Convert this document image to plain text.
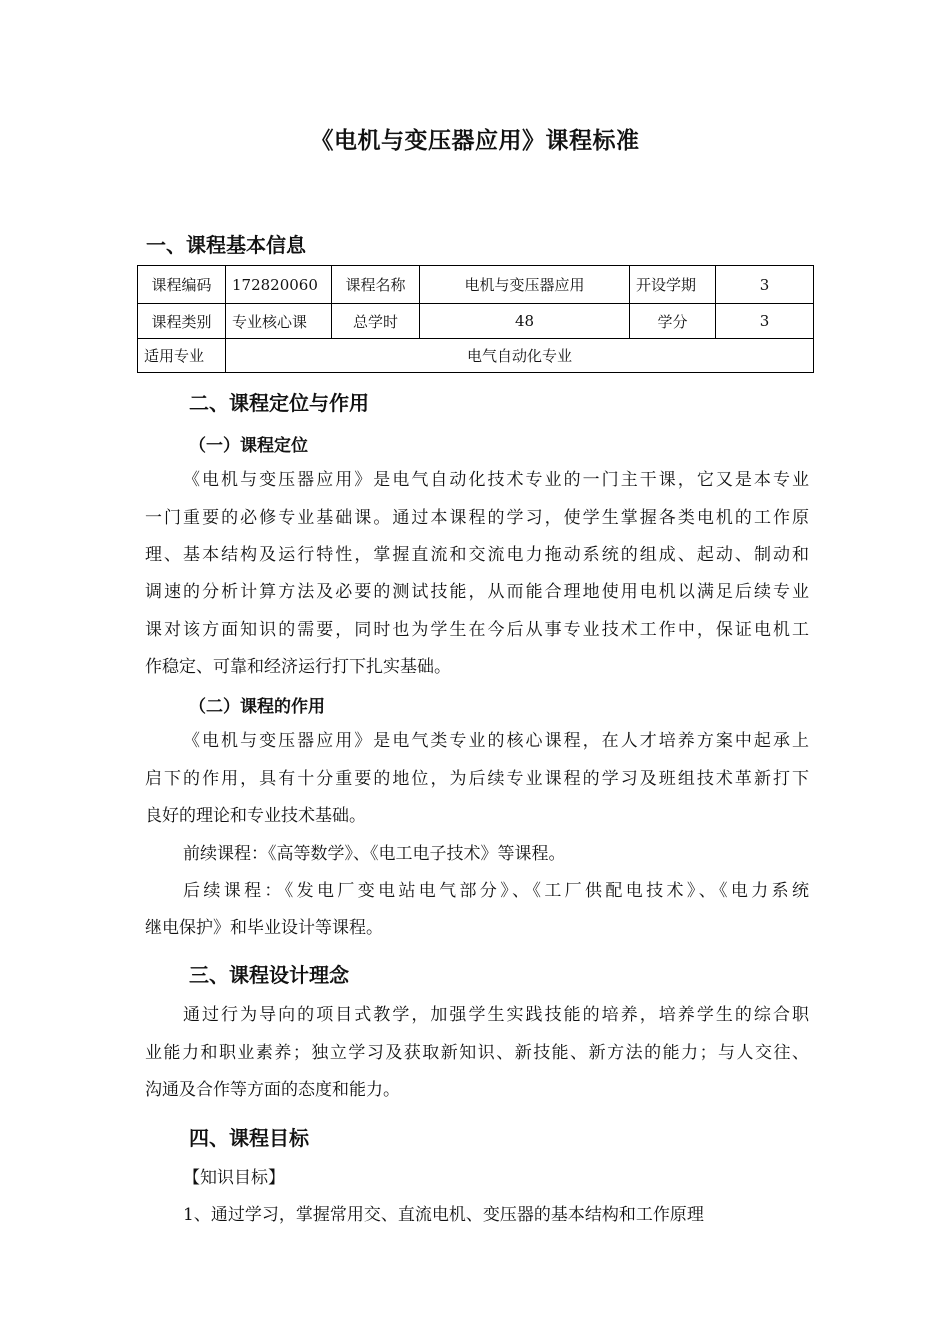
《电机与变压器应用》课程标准
一、课程基本信息
课程编码	172820060	课程名称	电机与变压器应用	开设学期	3
课程类别	专业核心课	总学时	48	学分	3
适用专业	电气自动化专业				
二、课程定位与作用
（一）课程定位
《电机与变压器应用》是电气自动化技术专业的一门主干课，它又是本专业
一门重要的必修专业基础课。通过本课程的学习，使学生掌握各类电机的工作原
理、基本结构及运行特性，掌握直流和交流电力拖动系统的组成、起动、制动和
调速的分析计算方法及必要的测试技能，从而能合理地使用电机以满足后续专业
课对该方面知识的需要，同时也为学生在今后从事专业技术工作中，保证电机工
作稳定、可靠和经济运行打下扎实基础。
（二）课程的作用
《电机与变压器应用》是电气类专业的核心课程，在人才培养方案中起承上
启下的作用，具有十分重要的地位，为后续专业课程的学习及班组技术革新打下
良好的理论和专业技术基础。
前续课程：《高等数学》、《电工电子技术》等课程。
后续课程：《发电厂变电站电气部分》、《工厂供配电技术》、《电力系统
继电保护》和毕业设计等课程。
三、课程设计理念
通过行为导向的项目式教学，加强学生实践技能的培养，培养学生的综合职
业能力和职业素养；独立学习及获取新知识、新技能、新方法的能力；与人交往、
沟通及合作等方面的态度和能力。
四、课程目标
【知识目标】
1、通过学习，掌握常用交、直流电机、变压器的基本结构和工作原理
